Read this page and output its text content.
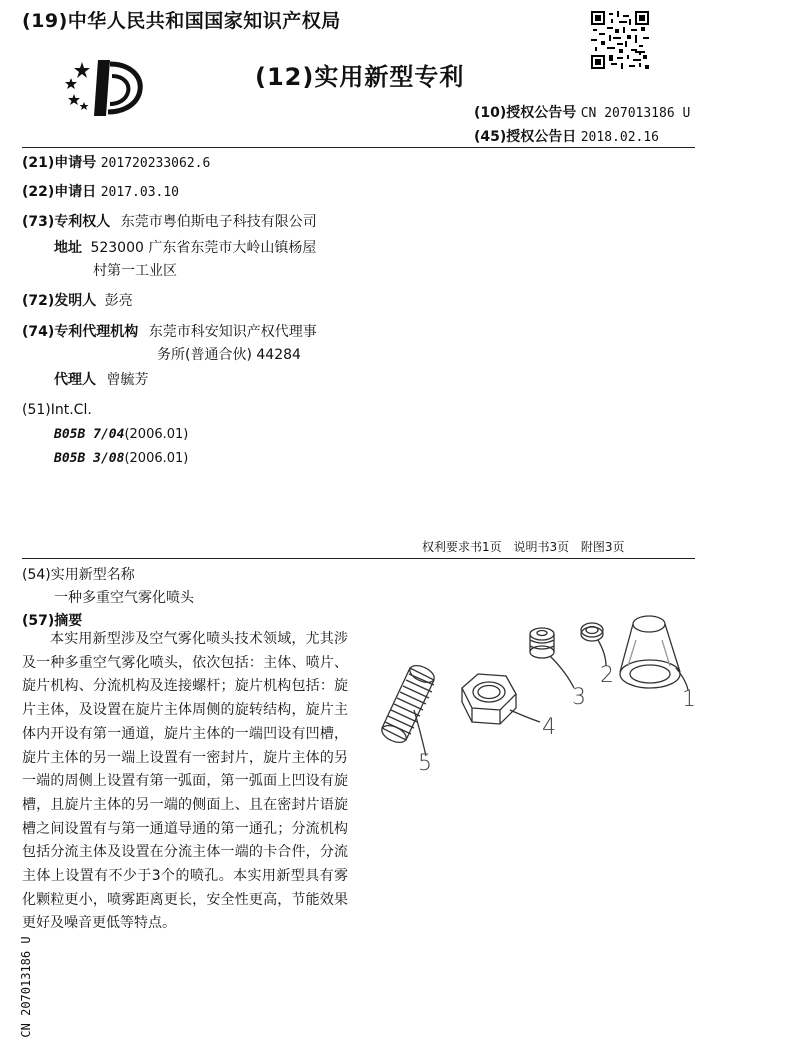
(19)中华人民共和国国家知识产权局
(12)实用新型专利
(10)授权公告号 CN 207013186 U
(45)授权公告日 2018.02.16
(21)申请号 201720233062.6
(22)申请日 2017.03.10
(73)专利权人 东莞市粤伯斯电子科技有限公司
地址 523000 广东省东莞市大岭山镇杨屋
村第一工业区
(72)发明人 彭亮
(74)专利代理机构 东莞市科安知识产权代理事
务所(普通合伙) 44284
代理人 曾毓芳
(51)Int.Cl.
B05B 7/04(2006.01)
B05B 3/08(2006.01)
权利要求书1页 说明书3页 附图3页
(54)实用新型名称
一种多重空气雾化喷头
(57)摘要
本实用新型涉及空气雾化喷头技术领域，尤其涉及一种多重空气雾化喷头，依次包括：主体、喷片、旋片机构、分流机构及连接螺杆；旋片机构包括：旋片主体，及设置在旋片主体周侧的旋转结构，旋片主体内开设有第一通道，旋片主体的一端凹设有凹槽，旋片主体的另一端上设置有一密封片，旋片主体的另一端的周侧上设置有第一弧面，第一弧面上凹设有旋槽，且旋片主体的另一端的侧面上、且在密封片语旋槽之间设置有与第一通道导通的第一通孔；分流机构包括分流主体及设置在分流主体一端的卡合件，分流主体上设置有不少于3个的喷孔。本实用新型具有雾化颗粒更小，喷雾距离更长，安全性更高，节能效果更好及噪音更低等特点。
5
4
3
2
1
CN 207013186 U
